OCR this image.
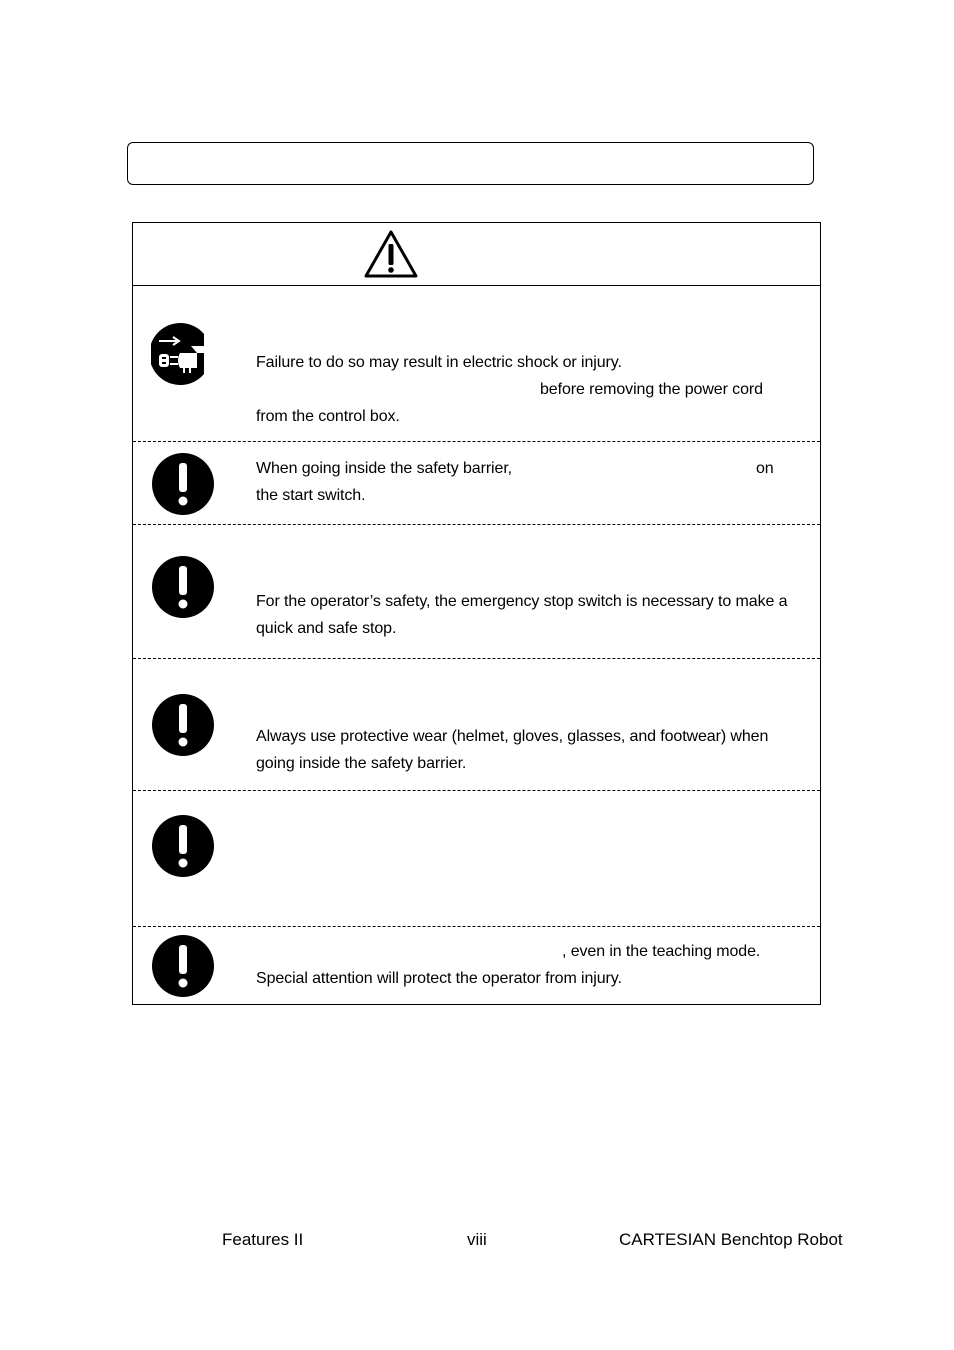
Failure to do so may result in electric shock or injury.
before removing the power cord
from the control box.
When going inside the safety barrier,	on
the start switch.
For the operator’s safety, the emergency stop switch is necessary to make a
quick and safe stop.
Always use protective wear (helmet, gloves, glasses, and footwear) when
going inside the safety barrier.
, even in the teaching mode.
Special attention will protect the operator from injury.
Features II	viii	CARTESIAN Benchtop Robot
